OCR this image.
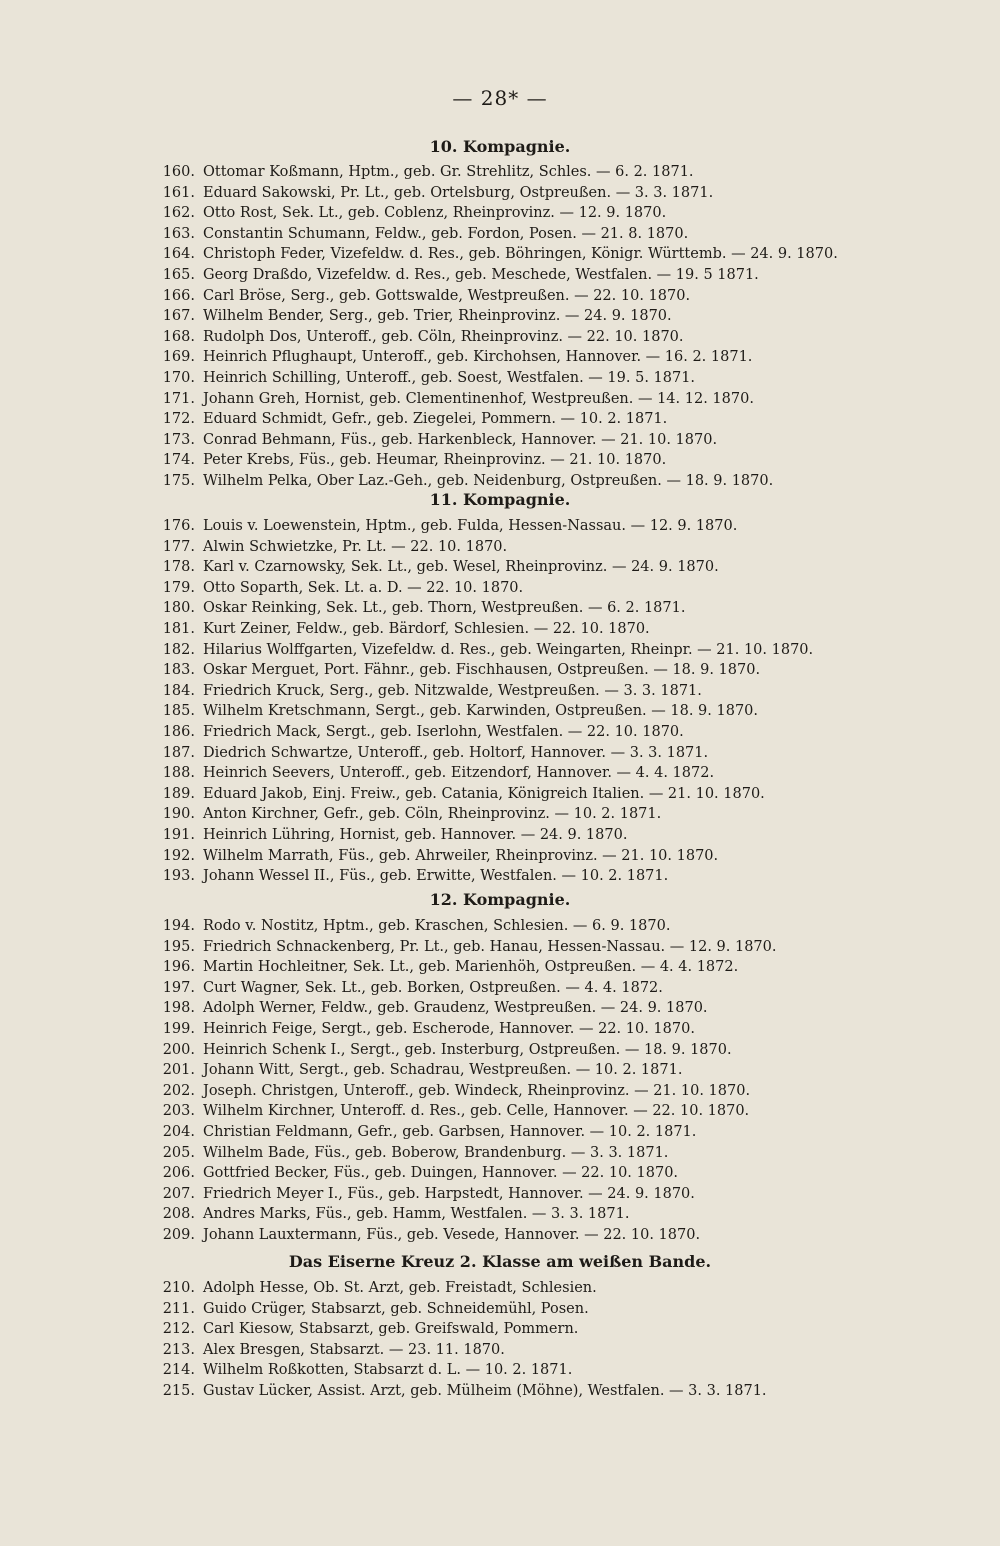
— 28* —
10. Kompagnie.
160. Ottomar Koßmann, Hptm., geb. Gr. Strehlitz, Schles. — 6. 2. 1871.
161. Eduard Sakowski, Pr. Lt., geb. Ortelsburg, Ostpreußen. — 3. 3. 1871.
162. Otto Rost, Sek. Lt., geb. Coblenz, Rheinprovinz. — 12. 9. 1870.
163. Constantin Schumann, Feldw., geb. Fordon, Posen. — 21. 8. 1870.
164. Christoph Feder, Vizefeldw. d. Res., geb. Böhringen, Königr. Württemb. — 24. 9. 1870.
165. Georg Draßdo, Vizefeldw. d. Res., geb. Meschede, Westfalen. — 19. 5 1871.
166. Carl Bröse, Serg., geb. Gottswalde, Westpreußen. — 22. 10. 1870.
167. Wilhelm Bender, Serg., geb. Trier, Rheinprovinz. — 24. 9. 1870.
168. Rudolph Dos, Unteroff., geb. Cöln, Rheinprovinz. — 22. 10. 1870.
169. Heinrich Pflughaupt, Unteroff., geb. Kirchohsen, Hannover. — 16. 2. 1871.
170. Heinrich Schilling, Unteroff., geb. Soest, Westfalen. — 19. 5. 1871.
171. Johann Greh, Hornist, geb. Clementinenhof, Westpreußen. — 14. 12. 1870.
172. Eduard Schmidt, Gefr., geb. Ziegelei, Pommern. — 10. 2. 1871.
173. Conrad Behmann, Füs., geb. Harkenbleck, Hannover. — 21. 10. 1870.
174. Peter Krebs, Füs., geb. Heumar, Rheinprovinz. — 21. 10. 1870.
175. Wilhelm Pelka, Ober Laz.-Geh., geb. Neidenburg, Ostpreußen. — 18. 9. 1870.
11. Kompagnie.
176. Louis v. Loewenstein, Hptm., geb. Fulda, Hessen-Nassau. — 12. 9. 1870.
177. Alwin Schwietzke, Pr. Lt. — 22. 10. 1870.
178. Karl v. Czarnowsky, Sek. Lt., geb. Wesel, Rheinprovinz. — 24. 9. 1870.
179. Otto Soparth, Sek. Lt. a. D. — 22. 10. 1870.
180. Oskar Reinking, Sek. Lt., geb. Thorn, Westpreußen. — 6. 2. 1871.
181. Kurt Zeiner, Feldw., geb. Bärdorf, Schlesien. — 22. 10. 1870.
182. Hilarius Wolffgarten, Vizefeldw. d. Res., geb. Weingarten, Rheinpr. — 21. 10. 1870.
183. Oskar Merguet, Port. Fähnr., geb. Fischhausen, Ostpreußen. — 18. 9. 1870.
184. Friedrich Kruck, Serg., geb. Nitzwalde, Westpreußen. — 3. 3. 1871.
185. Wilhelm Kretschmann, Sergt., geb. Karwinden, Ostpreußen. — 18. 9. 1870.
186. Friedrich Mack, Sergt., geb. Iserlohn, Westfalen. — 22. 10. 1870.
187. Diedrich Schwartze, Unteroff., geb. Holtorf, Hannover. — 3. 3. 1871.
188. Heinrich Seevers, Unteroff., geb. Eitzendorf, Hannover. — 4. 4. 1872.
189. Eduard Jakob, Einj. Freiw., geb. Catania, Königreich Italien. — 21. 10. 1870.
190. Anton Kirchner, Gefr., geb. Cöln, Rheinprovinz. — 10. 2. 1871.
191. Heinrich Lühring, Hornist, geb. Hannover. — 24. 9. 1870.
192. Wilhelm Marrath, Füs., geb. Ahrweiler, Rheinprovinz. — 21. 10. 1870.
193. Johann Wessel II., Füs., geb. Erwitte, Westfalen. — 10. 2. 1871.
12. Kompagnie.
194. Rodo v. Nostitz, Hptm., geb. Kraschen, Schlesien. — 6. 9. 1870.
195. Friedrich Schnackenberg, Pr. Lt., geb. Hanau, Hessen-Nassau. — 12. 9. 1870.
196. Martin Hochleitner, Sek. Lt., geb. Marienhöh, Ostpreußen. — 4. 4. 1872.
197. Curt Wagner, Sek. Lt., geb. Borken, Ostpreußen. — 4. 4. 1872.
198. Adolph Werner, Feldw., geb. Graudenz, Westpreußen. — 24. 9. 1870.
199. Heinrich Feige, Sergt., geb. Escherode, Hannover. — 22. 10. 1870.
200. Heinrich Schenk I., Sergt., geb. Insterburg, Ostpreußen. — 18. 9. 1870.
201. Johann Witt, Sergt., geb. Schadrau, Westpreußen. — 10. 2. 1871.
202. Joseph. Christgen, Unteroff., geb. Windeck, Rheinprovinz. — 21. 10. 1870.
203. Wilhelm Kirchner, Unteroff. d. Res., geb. Celle, Hannover. — 22. 10. 1870.
204. Christian Feldmann, Gefr., geb. Garbsen, Hannover. — 10. 2. 1871.
205. Wilhelm Bade, Füs., geb. Boberow, Brandenburg. — 3. 3. 1871.
206. Gottfried Becker, Füs., geb. Duingen, Hannover. — 22. 10. 1870.
207. Friedrich Meyer I., Füs., geb. Harpstedt, Hannover. — 24. 9. 1870.
208. Andres Marks, Füs., geb. Hamm, Westfalen. — 3. 3. 1871.
209. Johann Lauxtermann, Füs., geb. Vesede, Hannover. — 22. 10. 1870.
Das Eiserne Kreuz 2. Klasse am weißen Bande.
210. Adolph Hesse, Ob. St. Arzt, geb. Freistadt, Schlesien.
211. Guido Crüger, Stabsarzt, geb. Schneidemühl, Posen.
212. Carl Kiesow, Stabsarzt, geb. Greifswald, Pommern.
213. Alex Bresgen, Stabsarzt. — 23. 11. 1870.
214. Wilhelm Roßkotten, Stabsarzt d. L. — 10. 2. 1871.
215. Gustav Lücker, Assist. Arzt, geb. Mülheim (Möhne), Westfalen. — 3. 3. 1871.
